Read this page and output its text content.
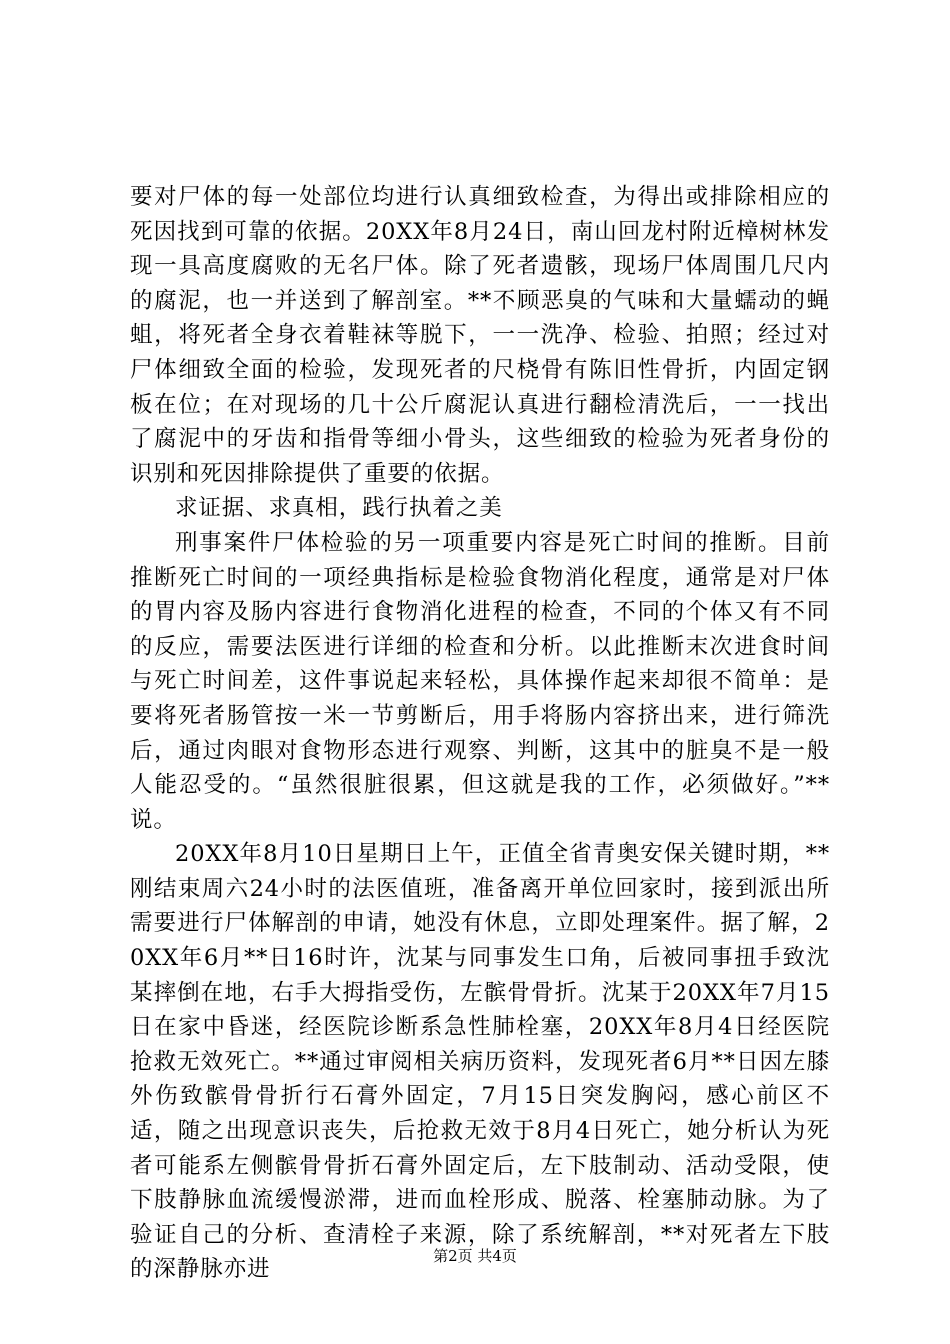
要对尸体的每一处部位均进行认真细致检查，为得出或排除相应的死因找到可靠的依据。20XX年8月24日，南山回龙村附近樟树林发现一具高度腐败的无名尸体。除了死者遗骸，现场尸体周围几尺内的腐泥，也一并送到了解剖室。**不顾恶臭的气味和大量蠕动的蝇蛆，将死者全身衣着鞋袜等脱下，一一洗净、检验、拍照；经过对尸体细致全面的检验，发现死者的尺桡骨有陈旧性骨折，内固定钢板在位；在对现场的几十公斤腐泥认真进行翻检清洗后，一一找出了腐泥中的牙齿和指骨等细小骨头，这些细致的检验为死者身份的识别和死因排除提供了重要的依据。

求证据、求真相，践行执着之美

刑事案件尸体检验的另一项重要内容是死亡时间的推断。目前推断死亡时间的一项经典指标是检验食物消化程度，通常是对尸体的胃内容及肠内容进行食物消化进程的检查，不同的个体又有不同的反应，需要法医进行详细的检查和分析。以此推断末次进食时间与死亡时间差，这件事说起来轻松，具体操作起来却很不简单：是要将死者肠管按一米一节剪断后，用手将肠内容挤出来，进行筛洗后，通过肉眼对食物形态进行观察、判断，这其中的脏臭不是一般人能忍受的。“虽然很脏很累，但这就是我的工作，必须做好。”**说。

20XX年8月10日星期日上午，正值全省青奥安保关键时期，**刚结束周六24小时的法医值班，准备离开单位回家时，接到派出所需要进行尸体解剖的申请，她没有休息，立即处理案件。据了解，20XX年6月**日16时许，沈某与同事发生口角，后被同事扭手致沈某摔倒在地，右手大拇指受伤，左髌骨骨折。沈某于20XX年7月15日在家中昏迷，经医院诊断系急性肺栓塞，20XX年8月4日经医院抢救无效死亡。**通过审阅相关病历资料，发现死者6月**日因左膝外伤致髌骨骨折行石膏外固定，7月15日突发胸闷，感心前区不适，随之出现意识丧失，后抢救无效于8月4日死亡，她分析认为死者可能系左侧髌骨骨折石膏外固定后，左下肢制动、活动受限，使下肢静脉血流缓慢淤滞，进而血栓形成、脱落、栓塞肺动脉。为了验证自己的分析、查清栓子来源，除了系统解剖，**对死者左下肢的深静脉亦进

第2页 共4页
